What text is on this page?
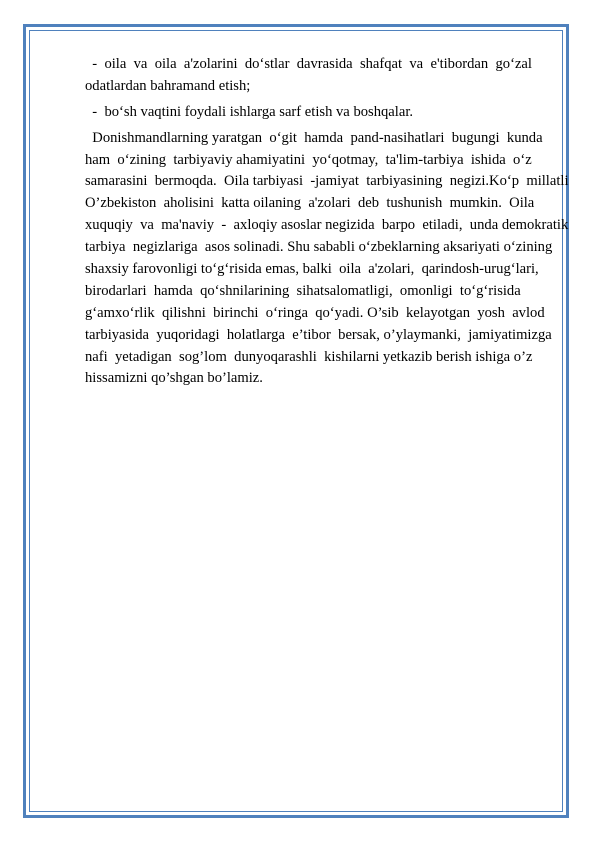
-  oila  va  oila  a'zolarini  do‘stlar  davrasida  shafqat  va  e'tibordan  go‘zal
odatlardan bahramand etish;
-  bo‘sh vaqtini foydali ishlarga sarf etish va boshqalar.
Donishmandlarning yaratgan  o‘git  hamda  pand-nasihatlari  bugungi  kunda
ham  o‘zining  tarbiyaviy ahamiyatini  yo‘qotmay,  ta'lim-tarbiya  ishida  o‘z
samarasini  bermoqda.  Oila tarbiyasi  -jamiyat  tarbiyasining  negizi.Ko‘p  millatli
O’zbekiston  aholisini  katta oilaning  a'zolari  deb  tushunish  mumkin.  Oila
xuquqiy  va  ma'naviy  -  axloqiy asoslar negizida  barpo  etiladi,  unda demokratik
tarbiya  negizlariga  asos solinadi. Shu sababli o‘zbeklarning aksariyati o‘zining
shaxsiy farovonligi to‘g‘risida emas, balki  oila  a'zolari,  qarindosh-urug‘lari,
birodarlari  hamda  qo‘shnilarining  sihatsalomatligi,  omonligi  to‘g‘risida
g‘amxo‘rlik  qilishni  birinchi  o‘ringa  qo‘yadi. O’sib  kelayotgan  yosh  avlod
tarbiyasida  yuqoridagi  holatlarga  e’tibor  bersak, o’ylaymanki,  jamiyatimizga
nafi  yetadigan  sog’lom  dunyoqarashli  kishilarni yetkazib berish ishiga o’z
hissamizni qo’shgan bo’lamiz.
